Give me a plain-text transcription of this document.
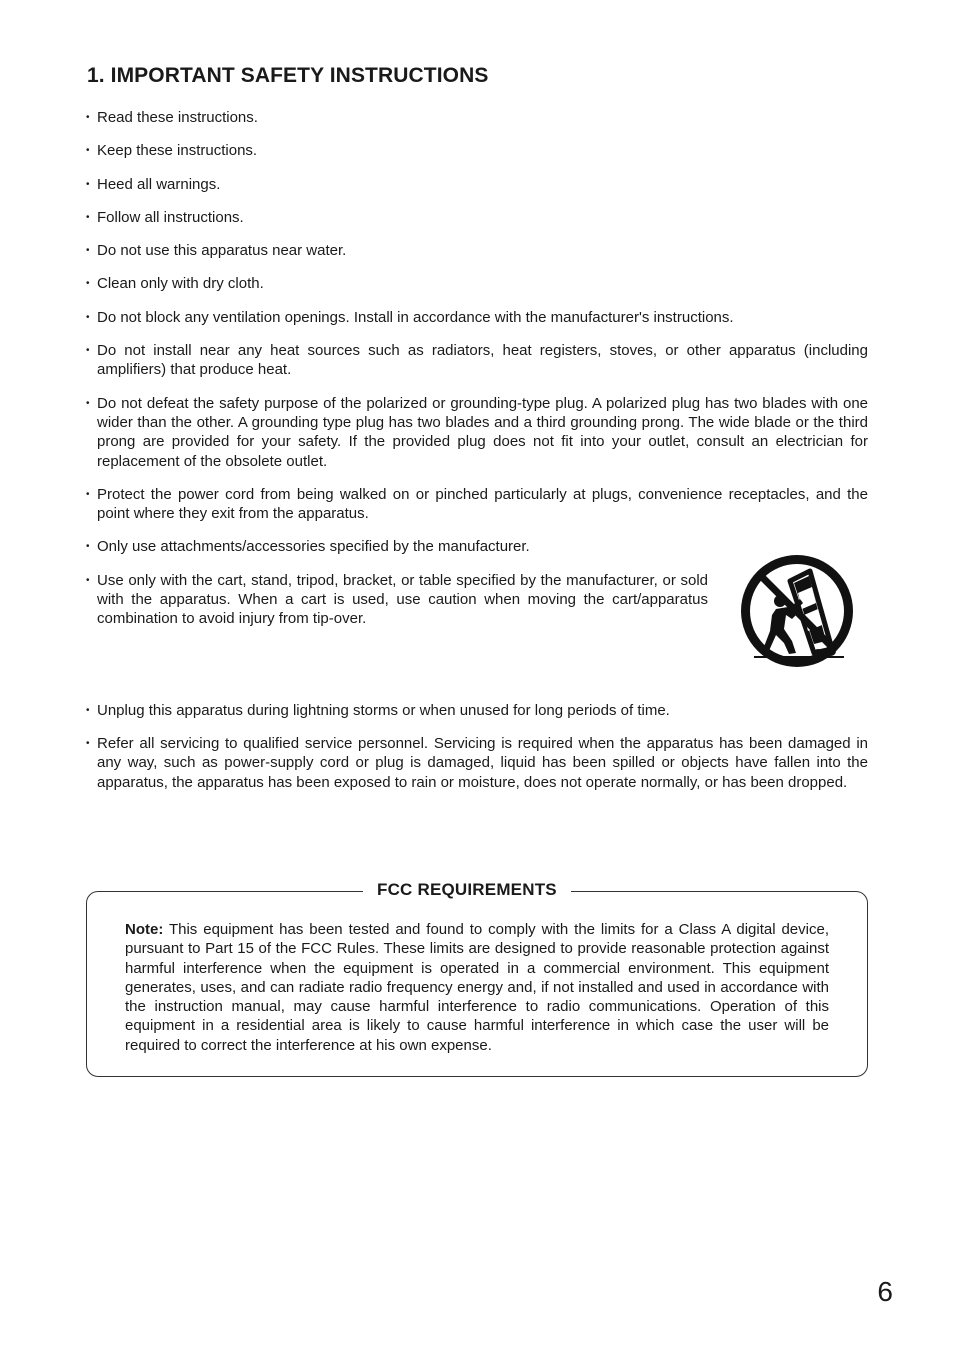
1. IMPORTANT SAFETY INSTRUCTIONS
• Read these instructions.
• Keep these instructions.
• Heed all warnings.
• Follow all instructions.
• Do not use this apparatus near water.
• Clean only with dry cloth.
• Do not block any ventilation openings. Install in accordance with the manufacturer's instructions.
• Do not install near any heat sources such as radiators, heat registers, stoves, or other apparatus (including amplifiers) that produce heat.
• Do not defeat the safety purpose of the polarized or grounding-type plug. A polarized plug has two blades with one wider than the other. A grounding type plug has two blades and a third grounding prong. The wide blade or the third prong are provided for your safety. If the provided plug does not fit into your outlet, consult an electrician for replacement of the obsolete outlet.
• Protect the power cord from being walked on or pinched particularly at plugs, convenience receptacles, and the point where they exit from the apparatus.
• Only use attachments/accessories specified by the manufacturer.
• Use only with the cart, stand, tripod, bracket, or table specified by the manufacturer, or sold with the apparatus. When a cart is used, use caution when moving the cart/apparatus combination to avoid injury from tip-over.
• Unplug this apparatus during lightning storms or when unused for long periods of time.
• Refer all servicing to qualified service personnel. Servicing is required when the apparatus has been damaged in any way, such as power-supply cord or plug is damaged, liquid has been spilled or objects have fallen into the apparatus, the apparatus has been exposed to rain or moisture, does not operate normally, or has been dropped.
FCC REQUIREMENTS

Note: This equipment has been tested and found to comply with the limits for a Class A digital device, pursuant to Part 15 of the FCC Rules. These limits are designed to provide reasonable protection against harmful interference when the equipment is operated in a commercial environment. This equipment generates, uses, and can radiate radio frequency energy and, if not installed and used in accordance with the instruction manual, may cause harmful interference to radio communications. Operation of this equipment in a residential area is likely to cause harmful interference in which case the user will be required to correct the interference at his own expense.

6
